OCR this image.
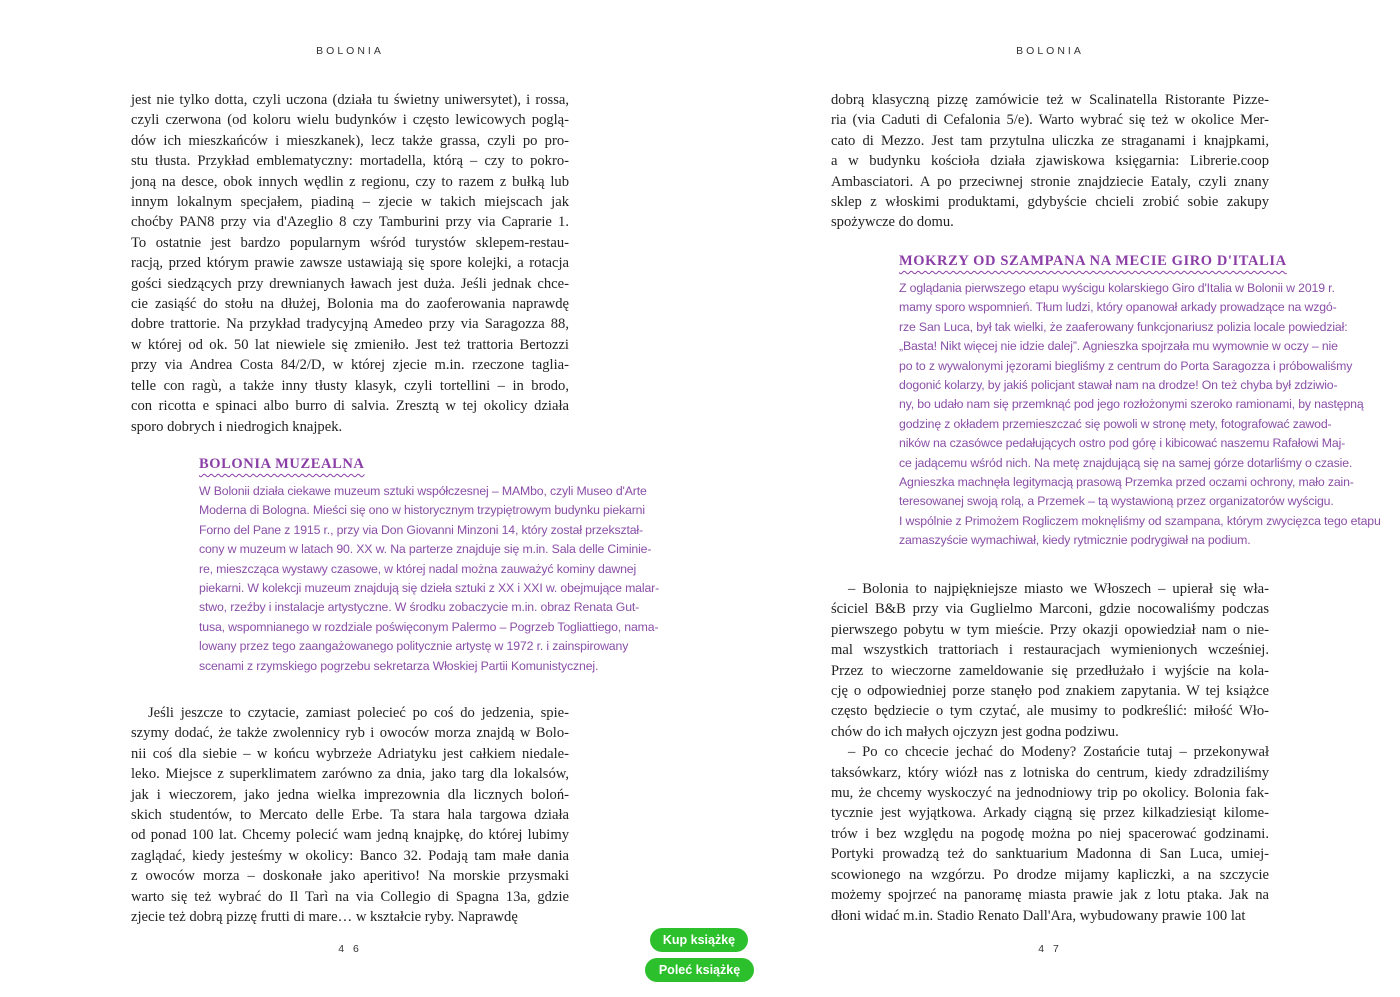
BOLONIA
jest nie tylko dotta, czyli uczona (działa tu świetny uniwersytet), i rossa,
czyli czerwona (od koloru wielu budynków i często lewicowych poglą-
dów ich mieszkańców i mieszkanek), lecz także grassa, czyli po pro-
stu tłusta. Przykład emblematyczny: mortadella, którą – czy to pokro-
joną na desce, obok innych wędlin z regionu, czy to razem z bułką lub
innym lokalnym specjałem, piadiną – zjecie w takich miejscach jak
choćby PAN8 przy via d'Azeglio 8 czy Tamburini przy via Caprarie 1.
To ostatnie jest bardzo popularnym wśród turystów sklepem-restau-
racją, przed którym prawie zawsze ustawiają się spore kolejki, a rotacja
gości siedzących przy drewnianych ławach jest duża. Jeśli jednak chce-
cie zasiąść do stołu na dłużej, Bolonia ma do zaoferowania naprawdę
dobre trattorie. Na przykład tradycyjną Amedeo przy via Saragozza 88,
w której od ok. 50 lat niewiele się zmieniło. Jest też trattoria Bertozzi
przy via Andrea Costa 84/2/D, w której zjecie m.in. rzeczone taglia-
telle con ragù, a także inny tłusty klasyk, czyli tortellini – in brodo,
con ricotta e spinaci albo burro di salvia. Zresztą w tej okolicy działa
sporo dobrych i niedrogich knajpek.
BOLONIA MUZEALNA
W Bolonii działa ciekawe muzeum sztuki współczesnej – MAMbo, czyli Museo d'Arte
Moderna di Bologna. Mieści się ono w historycznym trzypiętrowym budynku piekarni
Forno del Pane z 1915 r., przy via Don Giovanni Minzoni 14, który został przekształ-
cony w muzeum w latach 90. XX w. Na parterze znajduje się m.in. Sala delle Ciminie-
re, mieszcząca wystawy czasowe, w której nadal można zauważyć kominy dawnej
piekarni. W kolekcji muzeum znajdują się dzieła sztuki z XX i XXI w. obejmujące malar-
stwo, rzeźby i instalacje artystyczne. W środku zobaczycie m.in. obraz Renata Gut-
tusa, wspomnianego w rozdziale poświęconym Palermo – Pogrzeb Togliattiego, nama-
lowany przez tego zaangażowanego politycznie artystę w 1972 r. i zainspirowany
scenami z rzymskiego pogrzebu sekretarza Włoskiej Partii Komunistycznej.
Jeśli jeszcze to czytacie, zamiast polecieć po coś do jedzenia, spie-
szymy dodać, że także zwolennicy ryb i owoców morza znajdą w Bolo-
nii coś dla siebie – w końcu wybrzeże Adriatyku jest całkiem niedale-
leko. Miejsce z superklimatem zarówno za dnia, jako targ dla lokalsów,
jak i wieczorem, jako jedna wielka imprezownia dla licznych boloń-
skich studentów, to Mercato delle Erbe. Ta stara hala targowa działa
od ponad 100 lat. Chcemy polecić wam jedną knajpkę, do której lubimy
zaglądać, kiedy jesteśmy w okolicy: Banco 32. Podają tam małe dania
z owoców morza – doskonałe jako aperitivo! Na morskie przysmaki
warto się też wybrać do Il Tarì na via Collegio di Spagna 13a, gdzie
zjecie też dobrą pizzę frutti di mare… w kształcie ryby. Naprawdę
4 6
BOLONIA
dobrą klasyczną pizzę zamówicie też w Scalinatella Ristorante Pizze-
ria (via Caduti di Cefalonia 5/e). Warto wybrać się też w okolice Mer-
cato di Mezzo. Jest tam przytulna uliczka ze straganami i knajpkami,
a w budynku kościoła działa zjawiskowa księgarnia: Librerie.coop
Ambasciatori. A po przeciwnej stronie znajdziecie Eataly, czyli znany
sklep z włoskimi produktami, gdybyście chcieli zrobić sobie zakupy
spożywcze do domu.
MOKRZY OD SZAMPANA NA MECIE GIRO D'ITALIA
Z oglądania pierwszego etapu wyścigu kolarskiego Giro d'Italia w Bolonii w 2019 r.
mamy sporo wspomnień. Tłum ludzi, który opanował arkady prowadzące na wzgó-
rze San Luca, był tak wielki, że zaaferowany funkcjonariusz polizia locale powiedział:
„Basta! Nikt więcej nie idzie dalej”. Agnieszka spojrzała mu wymownie w oczy – nie
po to z wywalonymi jęzorami biegliśmy z centrum do Porta Saragozza i próbowaliśmy
dogonić kolarzy, by jakiś policjant stawał nam na drodze! On też chyba był zdziwio-
ny, bo udało nam się przemknąć pod jego rozłożonymi szeroko ramionami, by następną
godzinę z okładem przemieszczać się powoli w stronę mety, fotografować zawod-
ników na czasówce pedałujących ostro pod górę i kibicować naszemu Rafałowi Maj-
ce jadącemu wśród nich. Na metę znajdującą się na samej górze dotarliśmy o czasie.
Agnieszka machnęła legitymacją prasową Przemka przed oczami ochrony, mało zain-
teresowanej swoją rolą, a Przemek – tą wystawioną przez organizatorów wyścigu.
I wspólnie z Primożem Rogliczem moknęliśmy od szampana, którym zwycięzca tego etapu
zamaszyście wymachiwał, kiedy rytmicznie podrygiwał na podium.
– Bolonia to najpiękniejsze miasto we Włoszech – upierał się wła-
ściciel B&B przy via Guglielmo Marconi, gdzie nocowaliśmy podczas
pierwszego pobytu w tym mieście. Przy okazji opowiedział nam o nie-
mal wszystkich trattoriach i restauracjach wymienionych wcześniej.
Przez to wieczorne zameldowanie się przedłużało i wyjście na kola-
cję o odpowiedniej porze stanęło pod znakiem zapytania. W tej książce
często będziecie o tym czytać, ale musimy to podkreślić: miłość Wło-
chów do ich małych ojczyzn jest godna podziwu.
– Po co chcecie jechać do Modeny? Zostańcie tutaj – przekonywał
taksówkarz, który wiózł nas z lotniska do centrum, kiedy zdradziliśmy
mu, że chcemy wyskoczyć na jednodniowy trip po okolicy. Bolonia fak-
tycznie jest wyjątkowa. Arkady ciągną się przez kilkadziesiąt kilome-
trów i bez względu na pogodę można po niej spacerować godzinami.
Portyki prowadzą też do sanktuarium Madonna di San Luca, umiej-
scowionego na wzgórzu. Po drodze mijamy kapliczki, a na szczycie
możemy spojrzeć na panoramę miasta prawie jak z lotu ptaka. Jak na
dłoni widać m.in. Stadio Renato Dall'Ara, wybudowany prawie 100 lat
4 7
Kup książkę
Poleć książkę
